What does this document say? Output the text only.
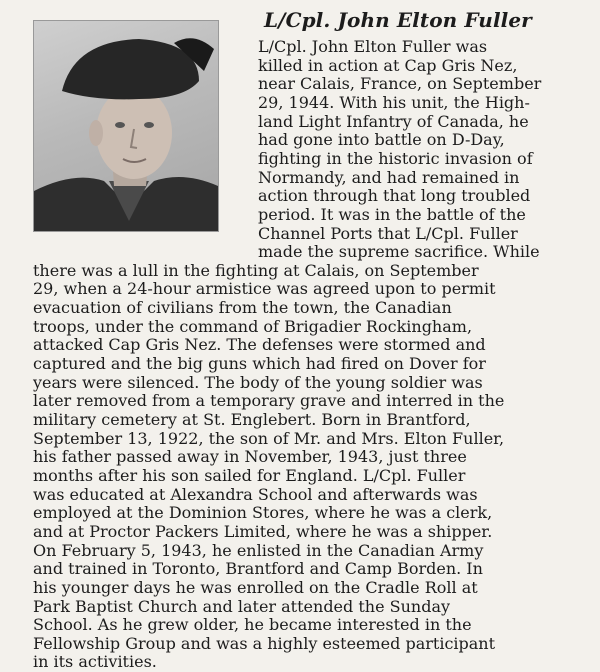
L/Cpl. John Elton Fuller
L/Cpl. John Elton Fuller was
killed in action at Cap Gris Nez,
near Calais, France, on September
29, 1944. With his unit, the High-
land Light Infantry of Canada, he
had gone into battle on D-Day,
fighting in the historic invasion of
Normandy, and had remained in
action through that long troubled
period. It was in the battle of the
Channel Ports that L/Cpl. Fuller
made the supreme sacrifice. While
there was a lull in the fighting at Calais, on September
29, when a 24-hour armistice was agreed upon to permit
evacuation of civilians from the town, the Canadian
troops, under the command of Brigadier Rockingham,
attacked Cap Gris Nez. The defenses were stormed and
captured and the big guns which had fired on Dover for
years were silenced. The body of the young soldier was
later removed from a temporary grave and interred in the
military cemetery at St. Englebert. Born in Brantford,
September 13, 1922, the son of Mr. and Mrs. Elton Fuller,
his father passed away in November, 1943, just three
months after his son sailed for England. L/Cpl. Fuller
was educated at Alexandra School and afterwards was
employed at the Dominion Stores, where he was a clerk,
and at Proctor Packers Limited, where he was a shipper.
On February 5, 1943, he enlisted in the Canadian Army
and trained in Toronto, Brantford and Camp Borden. In
his younger days he was enrolled on the Cradle Roll at
Park Baptist Church and later attended the Sunday
School. As he grew older, he became interested in the
Fellowship Group and was a highly esteemed participant
in its activities.
